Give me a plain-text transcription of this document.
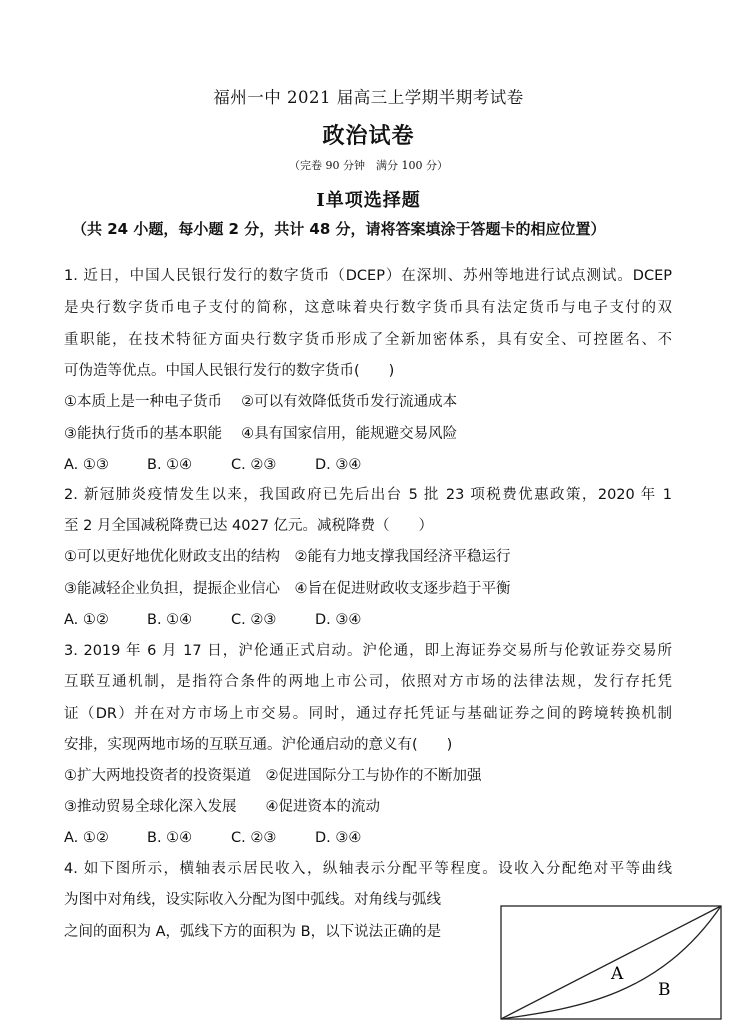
福州一中 2021 届高三上学期半期考试卷
政治试卷
（完卷 90 分钟　满分 100 分）
Ⅰ单项选择题
（共 24 小题，每小题 2 分，共计 48 分，请将答案填涂于答题卡的相应位置）
1. 近日，中国人民银行发行的数字货币（DCEP）在深圳、苏州等地进行试点测试。DCEP
是央行数字货币电子支付的简称，这意味着央行数字货币具有法定货币与电子支付的双
重职能，在技术特征方面央行数字货币形成了全新加密体系，具有安全、可控匿名、不
可伪造等优点。中国人民银行发行的数字货币(　　)
①本质上是一种电子货币　 ②可以有效降低货币发行流通成本
③能执行货币的基本职能　 ④具有国家信用，能规避交易风险
A. ①③	B. ①④	C. ②③	D. ③④
2. 新冠肺炎疫情发生以来，我国政府已先后出台 5 批 23 项税费优惠政策，2020 年 1
至 2 月全国减税降费已达 4027 亿元。减税降费（　　）
①可以更好地优化财政支出的结构　②能有力地支撑我国经济平稳运行
③能减轻企业负担，提振企业信心　④旨在促进财政收支逐步趋于平衡
A. ①②	B. ①④	C. ②③	D. ③④
3. 2019 年 6 月 17 日，沪伦通正式启动。沪伦通，即上海证券交易所与伦敦证券交易所
互联互通机制，是指符合条件的两地上市公司，依照对方市场的法律法规，发行存托凭
证（DR）并在对方市场上市交易。同时，通过存托凭证与基础证券之间的跨境转换机制
安排，实现两地市场的互联互通。沪伦通启动的意义有(　　)
①扩大两地投资者的投资渠道　②促进国际分工与协作的不断加强
③推动贸易全球化深入发展　　④促进资本的流动
A. ①②	B. ①④	C. ②③	D. ③④
4. 如下图所示，横轴表示居民收入，纵轴表示分配平等程度。设收入分配绝对平等曲线
为图中对角线，设实际收入分配为图中弧线。对角线与弧线
之间的面积为 A，弧线下方的面积为 B，以下说法正确的是
A
B
